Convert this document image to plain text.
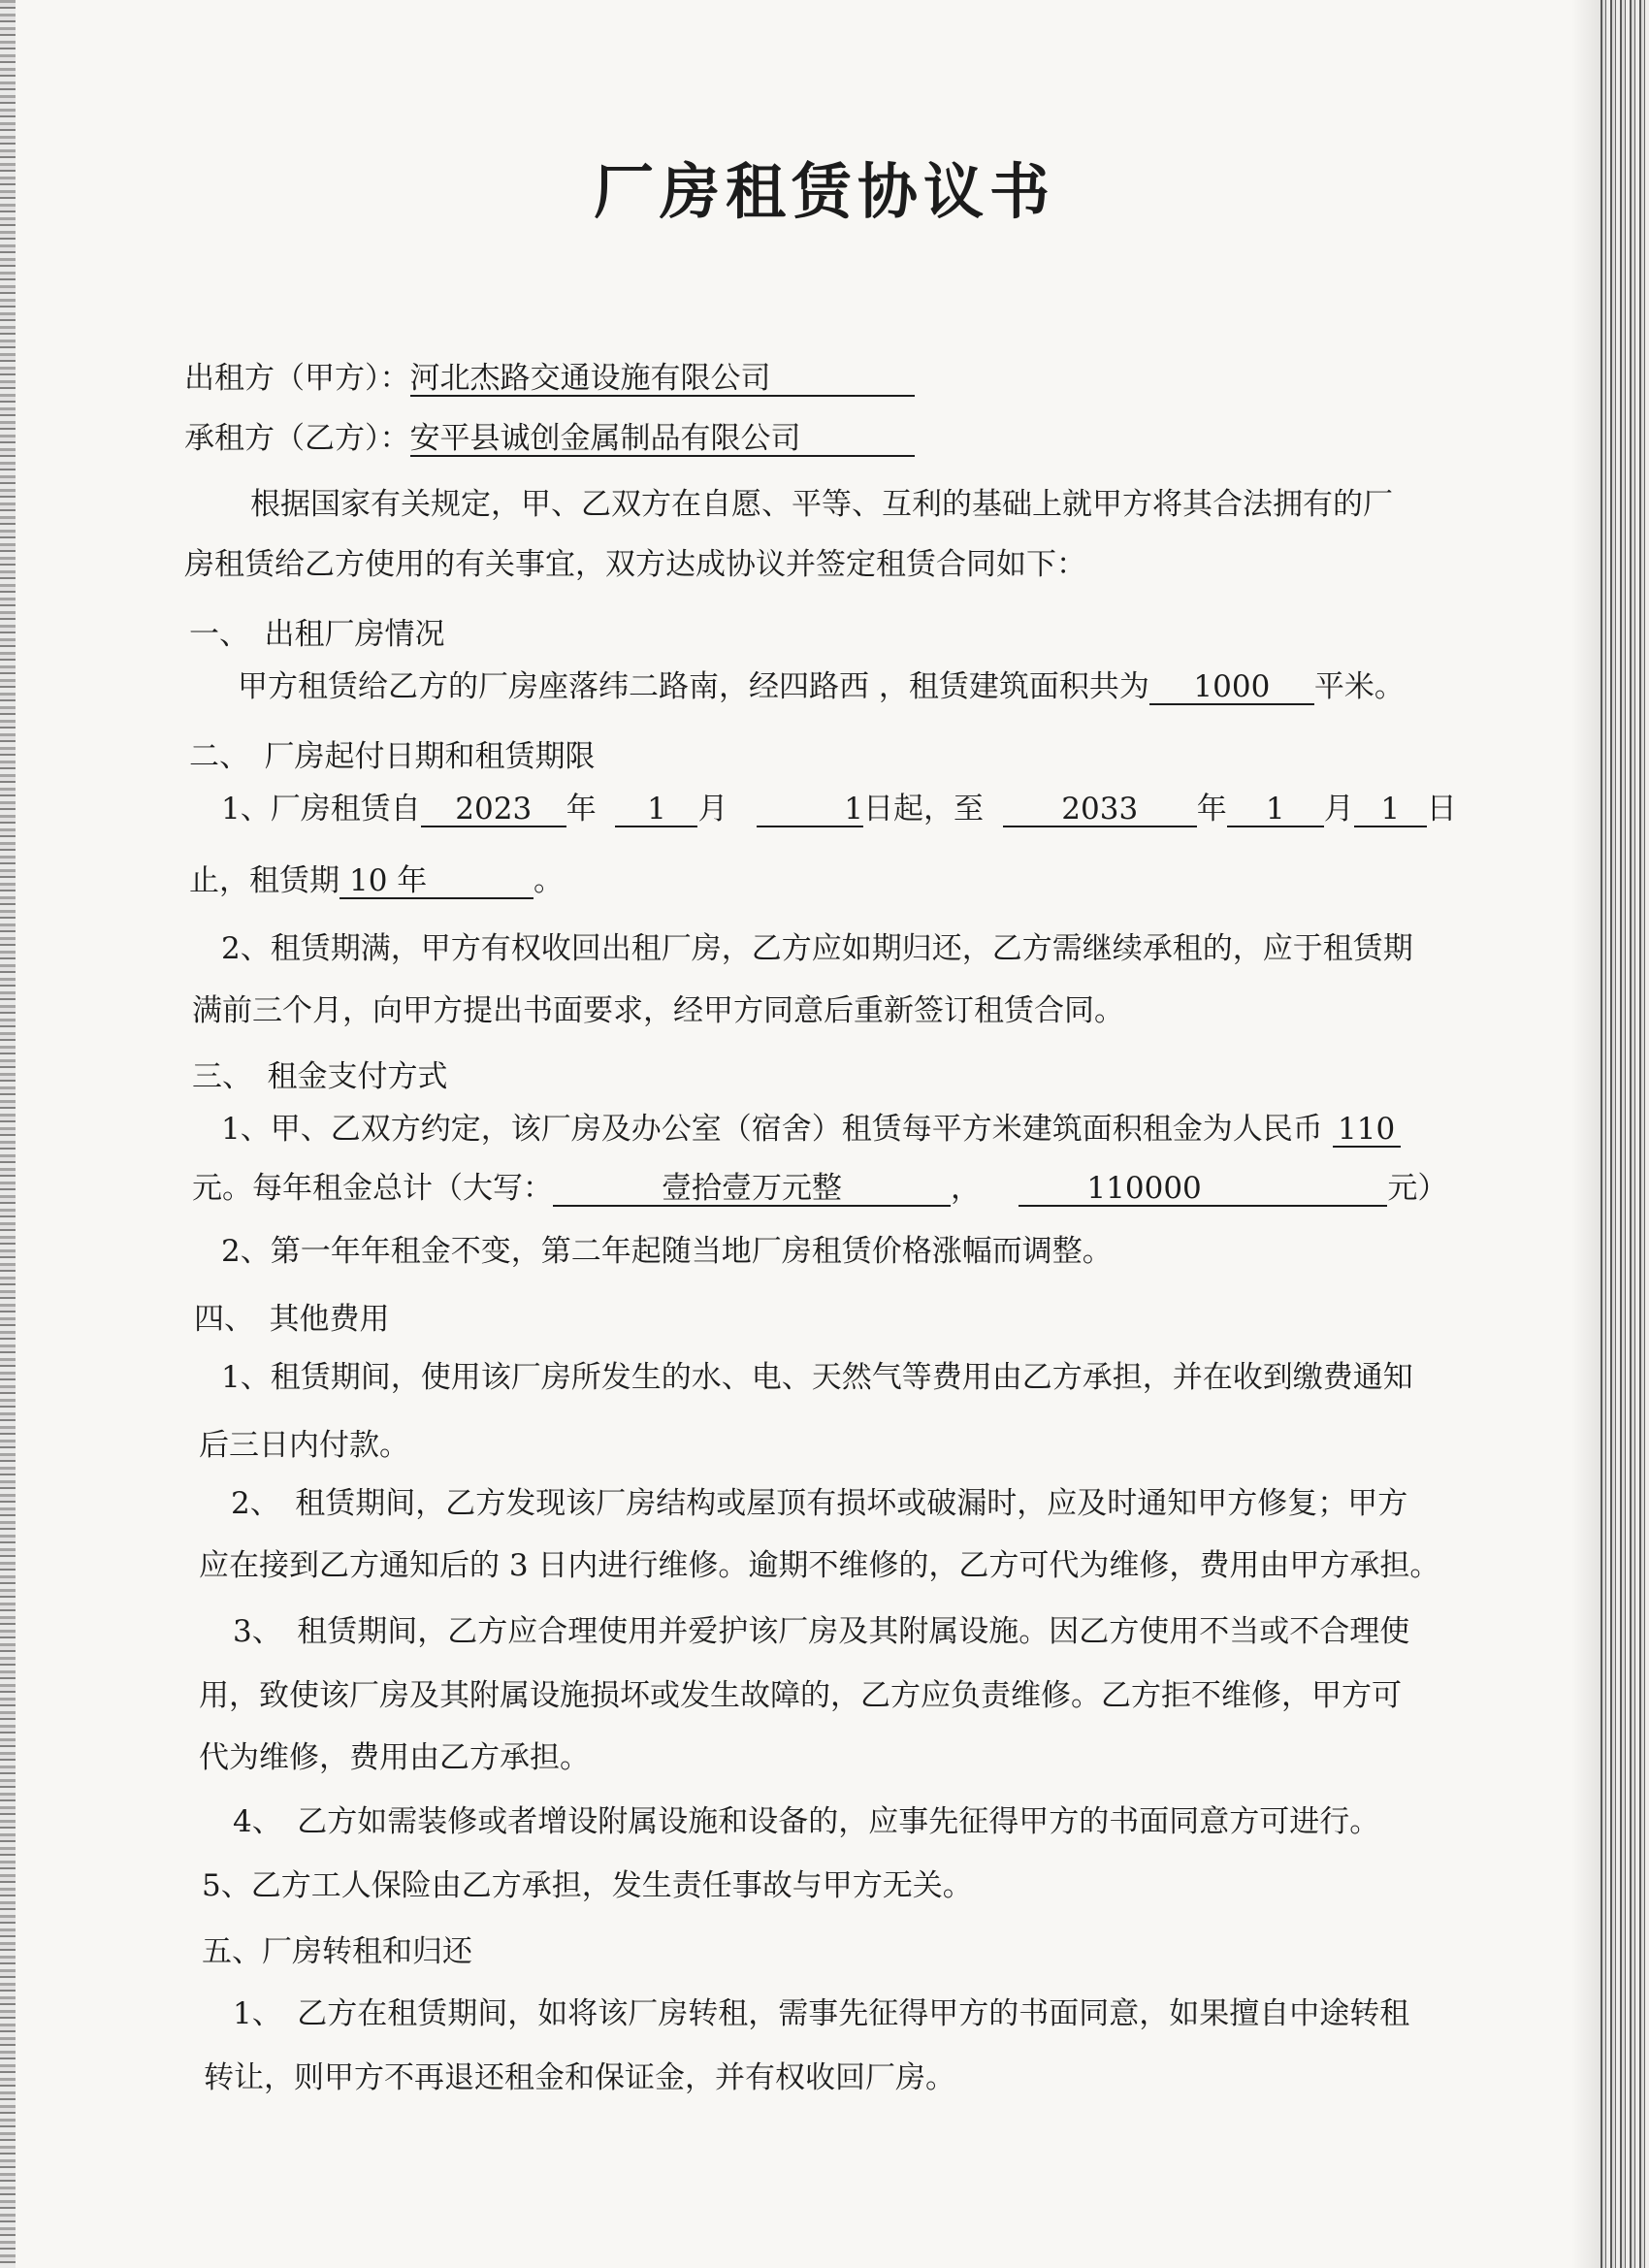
厂房租赁协议书
出租方（甲方）：河北杰路交通设施有限公司
承租方（乙方）：安平县诚创金属制品有限公司
根据国家有关规定，甲、乙双方在自愿、平等、互利的基础上就甲方将其合法拥有的厂
房租赁给乙方使用的有关事宜，双方达成协议并签定租赁合同如下：
一、　出租厂房情况
甲方租赁给乙方的厂房座落纬二路南，经四路西 ，租赁建筑面积共为 1000 平米。
二、　厂房起付日期和租赁期限
1、厂房租赁自 2023 年 1 月	1日起，至	2033 年 1 月 1 日
止，租赁期 10 年	。
2、租赁期满，甲方有权收回出租厂房，乙方应如期归还，乙方需继续承租的，应于租赁期
满前三个月，向甲方提出书面要求，经甲方同意后重新签订租赁合同。
三、　租金支付方式
1、甲、乙双方约定，该厂房及办公室（宿舍）租赁每平方米建筑面积租金为人民币 110
元。每年租金总计（大写：	壹拾壹万元整	，	110000	元）
2、第一年年租金不变，第二年起随当地厂房租赁价格涨幅而调整。
四、　其他费用
1、租赁期间，使用该厂房所发生的水、电、天然气等费用由乙方承担，并在收到缴费通知
后三日内付款。
2、　租赁期间，乙方发现该厂房结构或屋顶有损坏或破漏时，应及时通知甲方修复；甲方
应在接到乙方通知后的 3 日内进行维修。逾期不维修的，乙方可代为维修，费用由甲方承担。
3、　租赁期间，乙方应合理使用并爱护该厂房及其附属设施。因乙方使用不当或不合理使
用，致使该厂房及其附属设施损坏或发生故障的，乙方应负责维修。乙方拒不维修，甲方可
代为维修，费用由乙方承担。
4、　乙方如需装修或者增设附属设施和设备的，应事先征得甲方的书面同意方可进行。
5、乙方工人保险由乙方承担，发生责任事故与甲方无关。
五、厂房转租和归还
1、　乙方在租赁期间，如将该厂房转租，需事先征得甲方的书面同意，如果擅自中途转租
转让，则甲方不再退还租金和保证金，并有权收回厂房。
